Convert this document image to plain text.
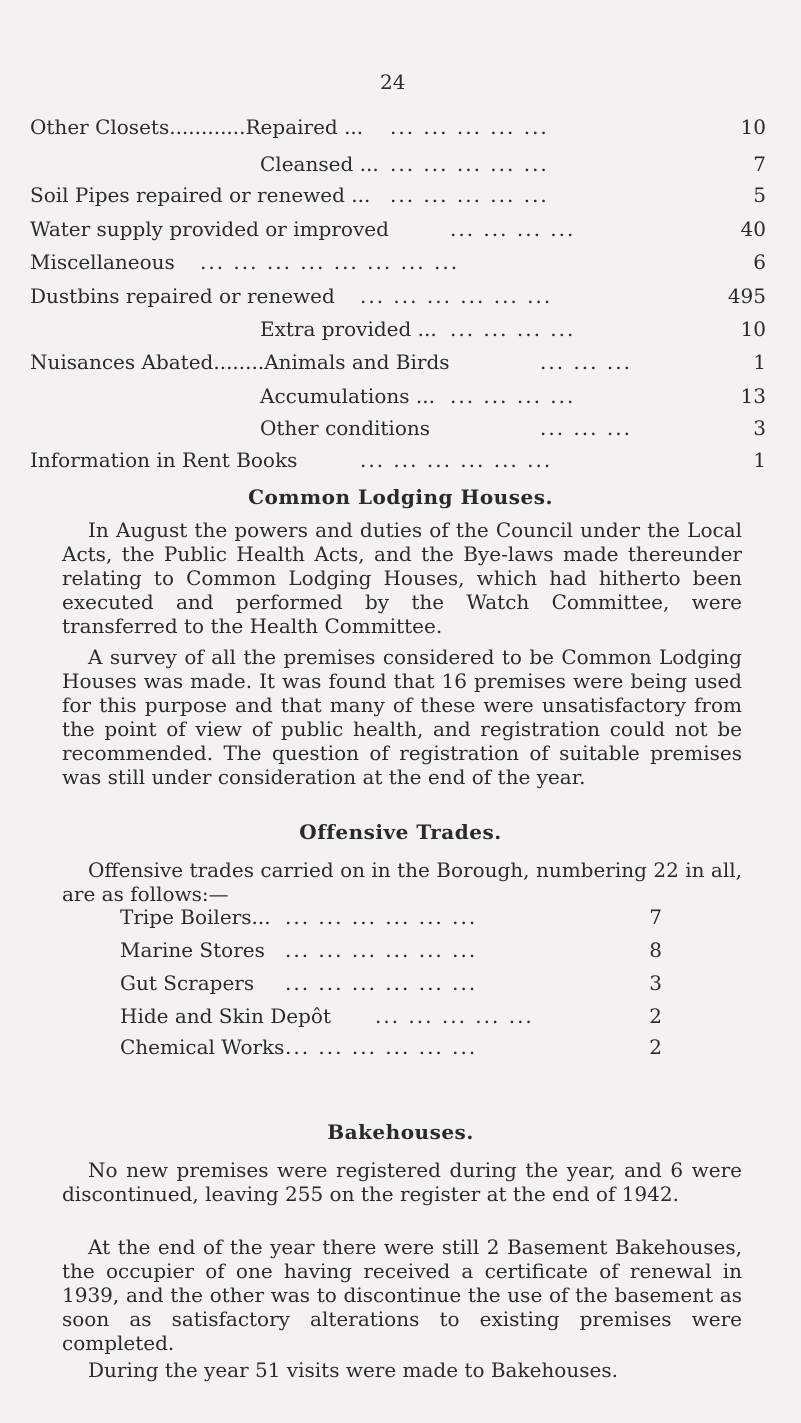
24
Other Closets............Repaired ... ... ... ... ... ...	10
Cleansed ... ... ... ... ... ...	7
Soil Pipes repaired or renewed ... ... ... ... ... ...	5
Water supply provided or improved	... ... ... ...	40
Miscellaneous ... ... ... ... ... ... ... ...	6
Dustbins repaired or renewed ... ... ... ... ... ...	495
Extra provided ... ... ... ... ...	10
Nuisances Abated........Animals and Birds	... ... ...	1
Accumulations ... ... ... ... ...	13
Other conditions	... ... ...	3
Information in Rent Books	... ... ... ... ... ...	1
Common Lodging Houses.
In August the powers and duties of the Council under the Local Acts, the Public Health Acts, and the Bye-laws made thereunder relating to Common Lodging Houses, which had hitherto been executed and performed by the Watch Committee, were transferred to the Health Committee.
A survey of all the premises considered to be Common Lodging Houses was made. It was found that 16 premises were being used for this purpose and that many of these were unsatisfactory from the point of view of public health, and registration could not be recommended. The question of registration of suitable premises was still under consideration at the end of the year.
Offensive Trades.
Offensive trades carried on in the Borough, numbering 22 in all, are as follows:—
Tripe Boilers... ... ... ... ... ... ...	7
Marine Stores ... ... ... ... ... ...	8
Gut Scrapers ... ... ... ... ... ...	3
Hide and Skin Depôt ... ... ... ... ...	2
Chemical Works ... ... ... ... ... ...	2
Bakehouses.
No new premises were registered during the year, and 6 were discontinued, leaving 255 on the register at the end of 1942.
At the end of the year there were still 2 Basement Bakehouses, the occupier of one having received a certificate of renewal in 1939, and the other was to discontinue the use of the basement as soon as satisfactory alterations to existing premises were completed.
During the year 51 visits were made to Bakehouses.
